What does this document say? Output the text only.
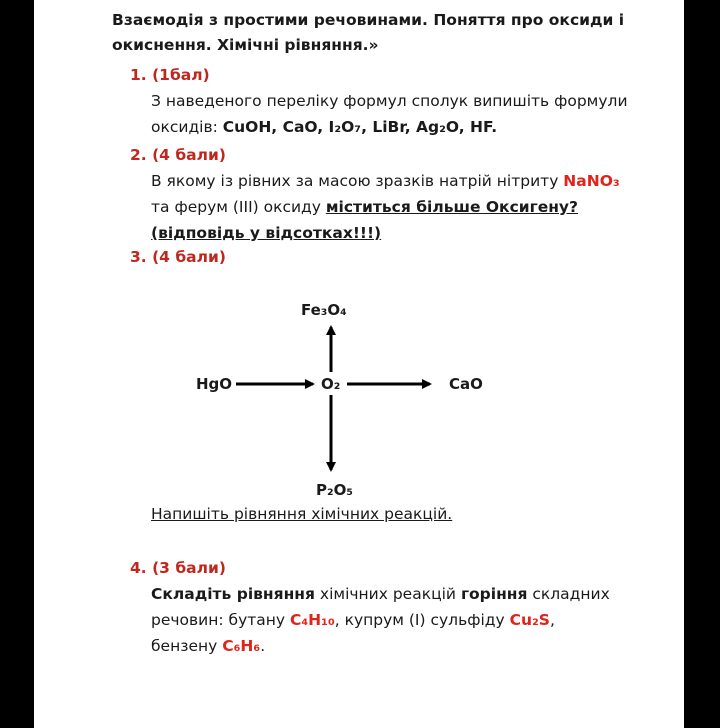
Взаємодія з простими речовинами. Поняття про оксиди і
окиснення. Хімічні рівняння.»
1. (1бал)
З наведеного переліку формул сполук випишіть формули
оксидів: CuOH, CaO, I₂O₇, LiBr, Ag₂O, HF.
2. (4 бали)
В якому із рівних за масою зразків натрій нітриту NaNO₃
та ферум (ІІІ) оксиду міститься більше Оксигену?
(відповідь у відсотках!!!)
3. (4 бали)
Fe₃O₄
HgO	O₂	CaO
P₂O₅
Напишіть рівняння хімічних реакцій.
4. (3 бали)
Складіть рівняння хімічних реакцій горіння складних
речовин: бутану C₄H₁₀, купрум (І) сульфіду Cu₂S,
бензену C₆H₆.
